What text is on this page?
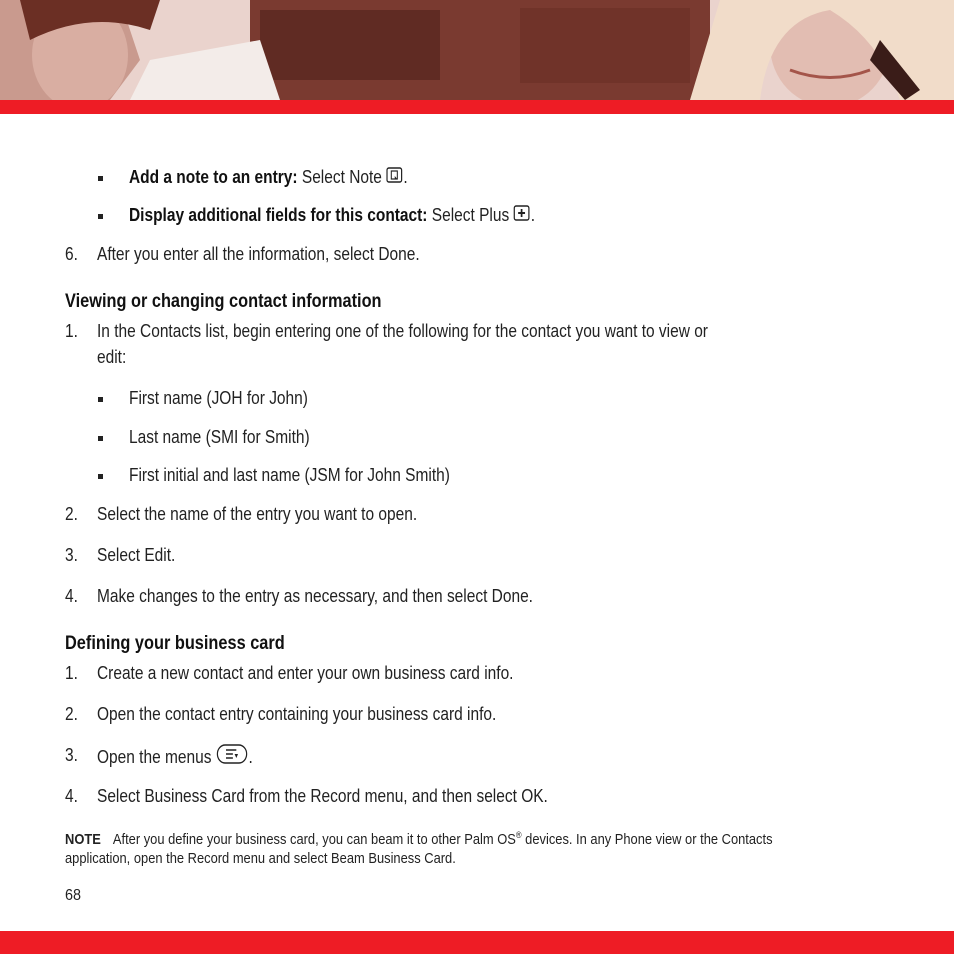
Add a note to an entry: Select Note .
Display additional fields for this contact: Select Plus .
6. After you enter all the information, select Done.
Viewing or changing contact information
1. In the Contacts list, begin entering one of the following for the contact you want to view or
edit:
First name (JOH for John)
Last name (SMI for Smith)
First initial and last name (JSM for John Smith)
2. Select the name of the entry you want to open.
3. Select Edit.
4. Make changes to the entry as necessary, and then select Done.
Defining your business card
1. Create a new contact and enter your own business card info.
2. Open the contact entry containing your business card info.
3. Open the menus .
4. Select Business Card from the Record menu, and then select OK.
NOTE After you define your business card, you can beam it to other Palm OS® devices. In any Phone view or the Contacts
application, open the Record menu and select Beam Business Card.
68
